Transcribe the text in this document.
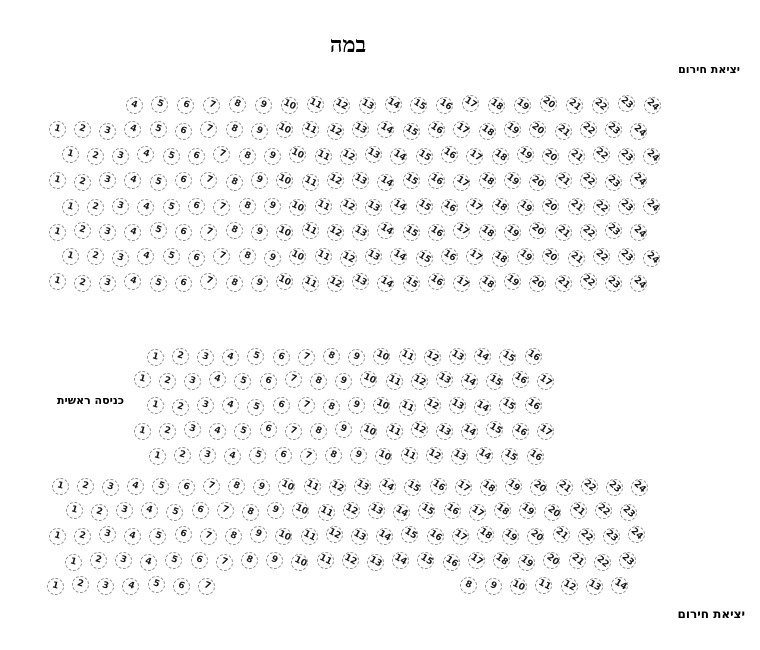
במה
יציאת חירום
כניסה ראשית
יציאת חירום
4 5 6 7 8 9 10 11 12 13 14 15 16 17 18 19 20 21 22 23 24
1 2 3 4 5 6 7 8 9 10 11 12 13 14 15 16 17 18 19 20 21 22 23 24
1 2 3 4 5 6 7 8 9 10 11 12 13 14 15 16 17 18 19 20 21 22 23 24
1 2 3 4 5 6 7 8 9 10 11 12 13 14 15 16 17 18 19 20 21 22 23 24
1 2 3 4 5 6 7 8 9 10 11 12 13 14 15 16 17 18 19 20 21 22 23 24
1 2 3 4 5 6 7 8 9 10 11 12 13 14 15 16 17 18 19 20 21 22 23 24
1 2 3 4 5 6 7 8 9 10 11 12 13 14 15 16 17 18 19 20 21 22 23 24
1 2 3 4 5 6 7 8 9 10 11 12 13 14 15 16 17 18 19 20 21 22 23 24
1 2 3 4 5 6 7 8 9 10 11 12 13 14 15 16
1 2 3 4 5 6 7 8 9 10 11 12 13 14 15 16 17
1 2 3 4 5 6 7 8 9 10 11 12 13 14 15 16
1 2 3 4 5 6 7 8 9 10 11 12 13 14 15 16 17
1 2 3 4 5 6 7 8 9 10 11 12 13 14 15 16
1 2 3 4 5 6 7 8 9 10 11 12 13 14 15 16 17 18 19 20 21 22 23 24
1 2 3 4 5 6 7 8 9 10 11 12 13 14 15 16 17 18 19 20 21 22 23
1 2 3 4 5 6 7 8 9 10 11 12 13 14 15 16 17 18 19 20 21 22 23 24
1 2 3 4 5 6 7 8 9 10 11 12 13 14 15 16 17 18 19 20 21 22 23
1 2 3 4 5 6 7	8 9 10 11 12 13 14
